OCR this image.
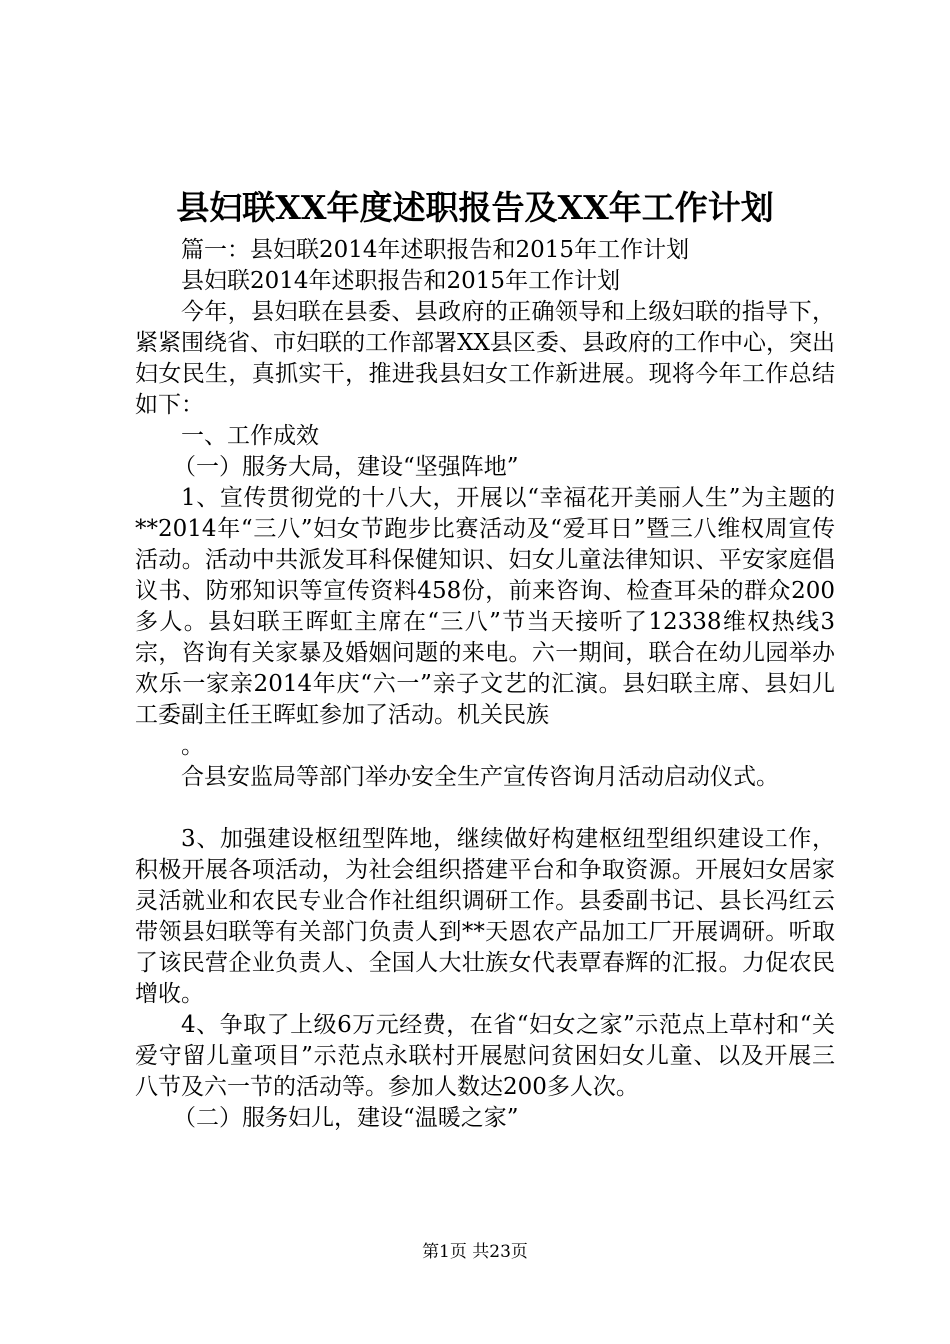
县妇联XX年度述职报告及XX年工作计划

篇一：县妇联2014年述职报告和2015年工作计划

县妇联2014年述职报告和2015年工作计划

今年，县妇联在县委、县政府的正确领导和上级妇联的指导下，紧紧围绕省、市妇联的工作部署XX县区委、县政府的工作中心，突出妇女民生，真抓实干，推进我县妇女工作新进展。现将今年工作总结如下：

一、工作成效

（一）服务大局，建设“坚强阵地”

1、宣传贯彻党的十八大，开展以“幸福花开美丽人生”为主题的**2014年“三八”妇女节跑步比赛活动及“爱耳日”暨三八维权周宣传活动。活动中共派发耳科保健知识、妇女儿童法律知识、平安家庭倡议书、防邪知识等宣传资料458份，前来咨询、检查耳朵的群众200多人。县妇联王晖虹主席在“三八”节当天接听了12338维权热线3宗，咨询有关家暴及婚姻问题的来电。六一期间，联合在幼儿园举办欢乐一家亲2014年庆“六一”亲子文艺的汇演。县妇联主席、县妇儿工委副主任王晖虹参加了活动。机关民族

。

合县安监局等部门举办安全生产宣传咨询月活动启动仪式。

3、加强建设枢纽型阵地，继续做好构建枢纽型组织建设工作，积极开展各项活动，为社会组织搭建平台和争取资源。开展妇女居家灵活就业和农民专业合作社组织调研工作。县委副书记、县长冯红云带领县妇联等有关部门负责人到**天恩农产品加工厂开展调研。听取了该民营企业负责人、全国人大壮族女代表覃春辉的汇报。力促农民增收。

4、争取了上级6万元经费，在省“妇女之家”示范点上草村和“关爱守留儿童项目”示范点永联村开展慰问贫困妇女儿童、以及开展三八节及六一节的活动等。参加人数达200多人次。

（二）服务妇儿，建设“温暖之家”

第1页 共23页
